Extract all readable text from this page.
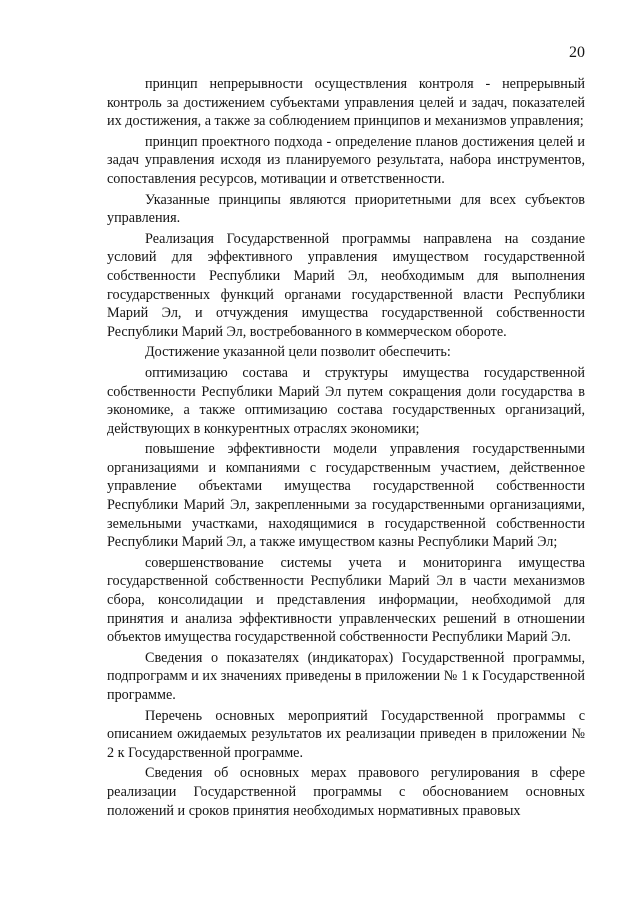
20

принцип непрерывности осуществления контроля - непрерывный контроль за достижением субъектами управления целей и задач, показателей их достижения, а также за соблюдением принципов и механизмов управления;

принцип проектного подхода - определение планов достижения целей и задач управления исходя из планируемого результата, набора инструментов, сопоставления ресурсов, мотивации и ответственности.

Указанные принципы являются приоритетными для всех субъектов управления.

Реализация Государственной программы направлена на создание условий для эффективного управления имуществом государственной собственности Республики Марий Эл, необходимым для выполнения государственных функций органами государственной власти Республики Марий Эл, и отчуждения имущества государственной собственности Республики Марий Эл, востребованного в коммерческом обороте.

Достижение указанной цели позволит обеспечить:

оптимизацию состава и структуры имущества государственной собственности Республики Марий Эл путем сокращения доли государства в экономике, а также оптимизацию состава государственных организаций, действующих в конкурентных отраслях экономики;

повышение эффективности модели управления государственными организациями и компаниями с государственным участием, действенное управление объектами имущества государственной собственности Республики Марий Эл, закрепленными за государственными организациями, земельными участками, находящимися в государственной собственности Республики Марий Эл, а также имуществом казны Республики Марий Эл;

совершенствование системы учета и мониторинга имущества государственной собственности Республики Марий Эл в части механизмов сбора, консолидации и представления информации, необходимой для принятия и анализа эффективности управленческих решений в отношении объектов имущества государственной собственности Республики Марий Эл.

Сведения о показателях (индикаторах) Государственной программы, подпрограмм и их значениях приведены в приложении № 1 к Государственной программе.

Перечень основных мероприятий Государственной программы с описанием ожидаемых результатов их реализации приведен в приложении № 2 к Государственной программе.

Сведения об основных мерах правового регулирования в сфере реализации Государственной программы с обоснованием основных положений и сроков принятия необходимых нормативных правовых
